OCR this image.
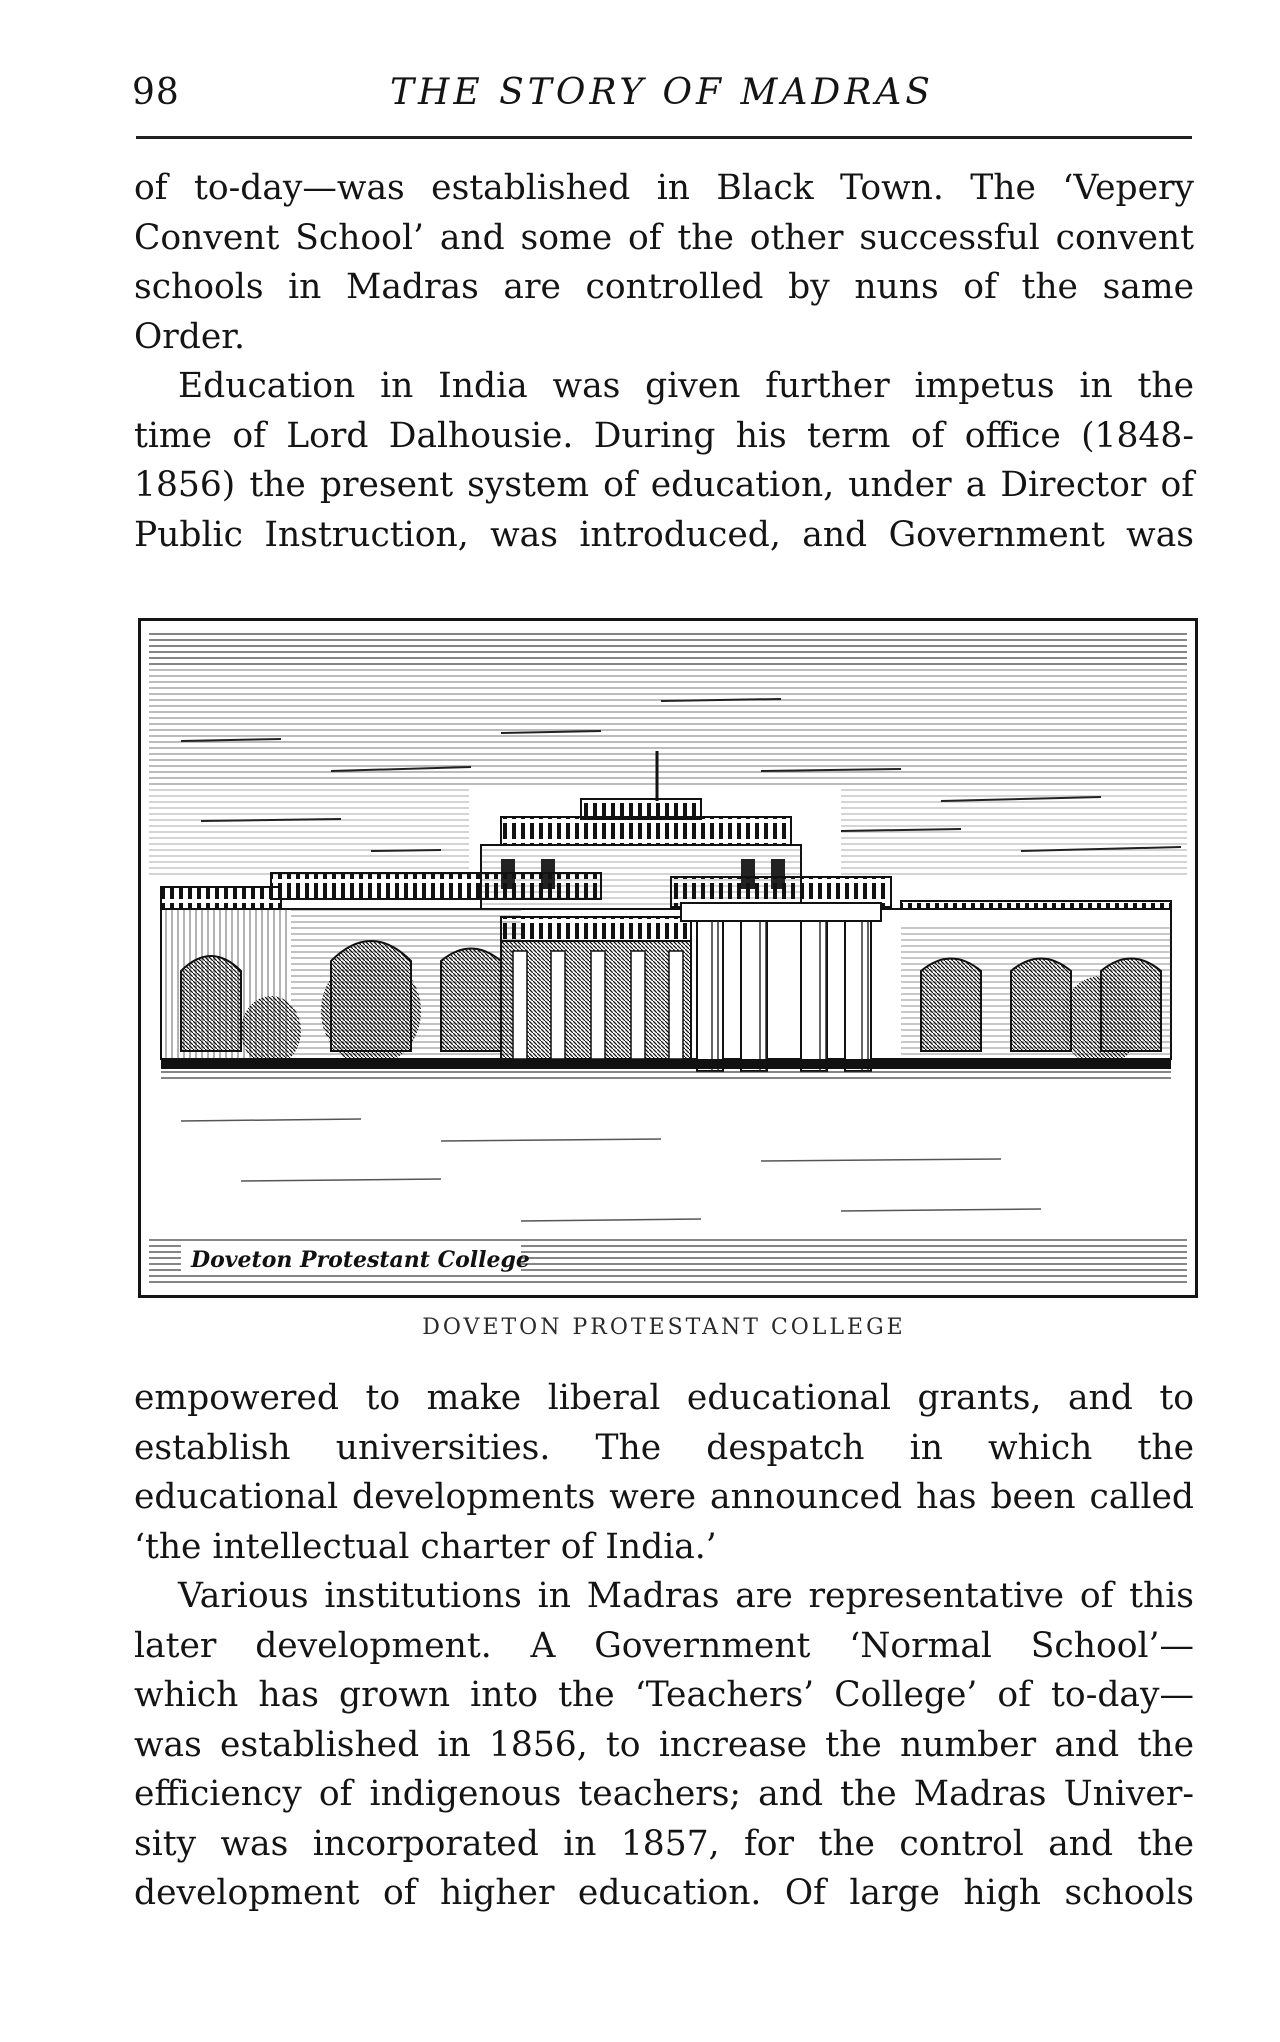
98	THE STORY OF MADRAS
of to-day—was established in Black Town. The ‘Vepery
Convent School’ and some of the other successful convent
schools in Madras are controlled by nuns of the same
Order.
Education in India was given further impetus in the
time of Lord Dalhousie. During his term of office (1848-
1856) the present system of education, under a Director of
Public Instruction, was introduced, and Government was
Doveton Protestant College
DOVETON PROTESTANT COLLEGE
empowered to make liberal educational grants, and to
establish universities. The despatch in which the
educational developments were announced has been called
‘the intellectual charter of India.’
Various institutions in Madras are representative of this
later development. A Government ‘Normal School’—
which has grown into the ‘Teachers’ College’ of to-day—
was established in 1856, to increase the number and the
efficiency of indigenous teachers; and the Madras Univer-
sity was incorporated in 1857, for the control and the
development of higher education. Of large high schools
